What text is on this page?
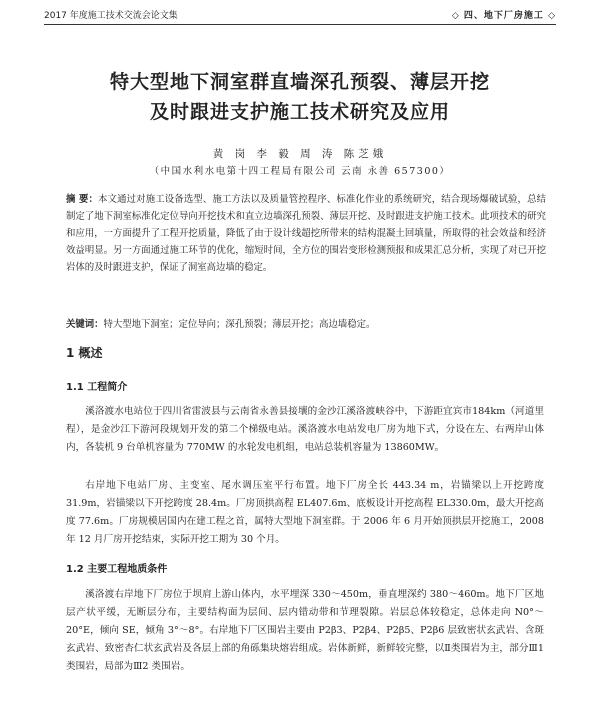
2017 年度施工技术交流会论文集	◇ 四、地下厂房施工 ◇
特大型地下洞室群直墙深孔预裂、薄层开挖
及时跟进支护施工技术研究及应用
黄 岗 李 毅 周 涛 陈芝娥
（中国水利水电第十四工程局有限公司 云南 永善 657300）
摘 要：本文通过对施工设备选型、施工方法以及质量管控程序、标准化作业的系统研究，结合现场爆破试验，总结制定了地下洞室标准化定位导向开挖技术和直立边墙深孔预裂、薄层开挖、及时跟进支护施工技术。此项技术的研究和应用，一方面提升了工程开挖质量，降低了由于设计线超挖所带来的结构混凝土回填量，所取得的社会效益和经济效益明显。另一方面通过施工环节的优化，缩短时间，全方位的围岩变形检测预报和成果汇总分析，实现了对已开挖岩体的及时跟进支护，保证了洞室高边墙的稳定。
关键词：特大型地下洞室；定位导向；深孔预裂；薄层开挖；高边墙稳定。
1 概述
1.1 工程简介
溪洛渡水电站位于四川省雷波县与云南省永善县接壤的金沙江溪洛渡峡谷中，下游距宜宾市184km（河道里程），是金沙江下游河段规划开发的第二个梯级电站。溪洛渡水电站发电厂房为地下式，分设在左、右两岸山体内，各装机 9 台单机容量为 770MW 的水轮发电机组，电站总装机容量为 13860MW。
右岸地下电站厂房、主变室、尾水调压室平行布置。地下厂房全长 443.34 m，岩锚梁以上开挖跨度 31.9m，岩锚梁以下开挖跨度 28.4m。厂房顶拱高程 EL407.6m、底板设计开挖高程 EL330.0m，最大开挖高度 77.6m。厂房规模居国内在建工程之首，属特大型地下洞室群。于 2006 年 6 月开始顶拱层开挖施工，2008 年 12 月厂房开挖结束，实际开挖工期为 30 个月。
1.2 主要工程地质条件
溪洛渡右岸地下厂房位于坝肩上游山体内，水平埋深 330～450m，垂直埋深约 380～460m。地下厂区地层产状平缓，无断层分布，主要结构面为层间、层内错动带和节理裂隙。岩层总体较稳定，总体走向 N0°～20°E，倾向 SE，倾角 3°～8°。右岸地下厂区围岩主要由 P2β3、P2β4、P2β5、P2β6 层致密状玄武岩、含斑玄武岩、致密杏仁状玄武岩及各层上部的角砾集块熔岩组成。岩体新鲜，新鲜较完整，以Ⅱ类围岩为主，部分Ⅲ1 类围岩，局部为Ⅲ2 类围岩。
